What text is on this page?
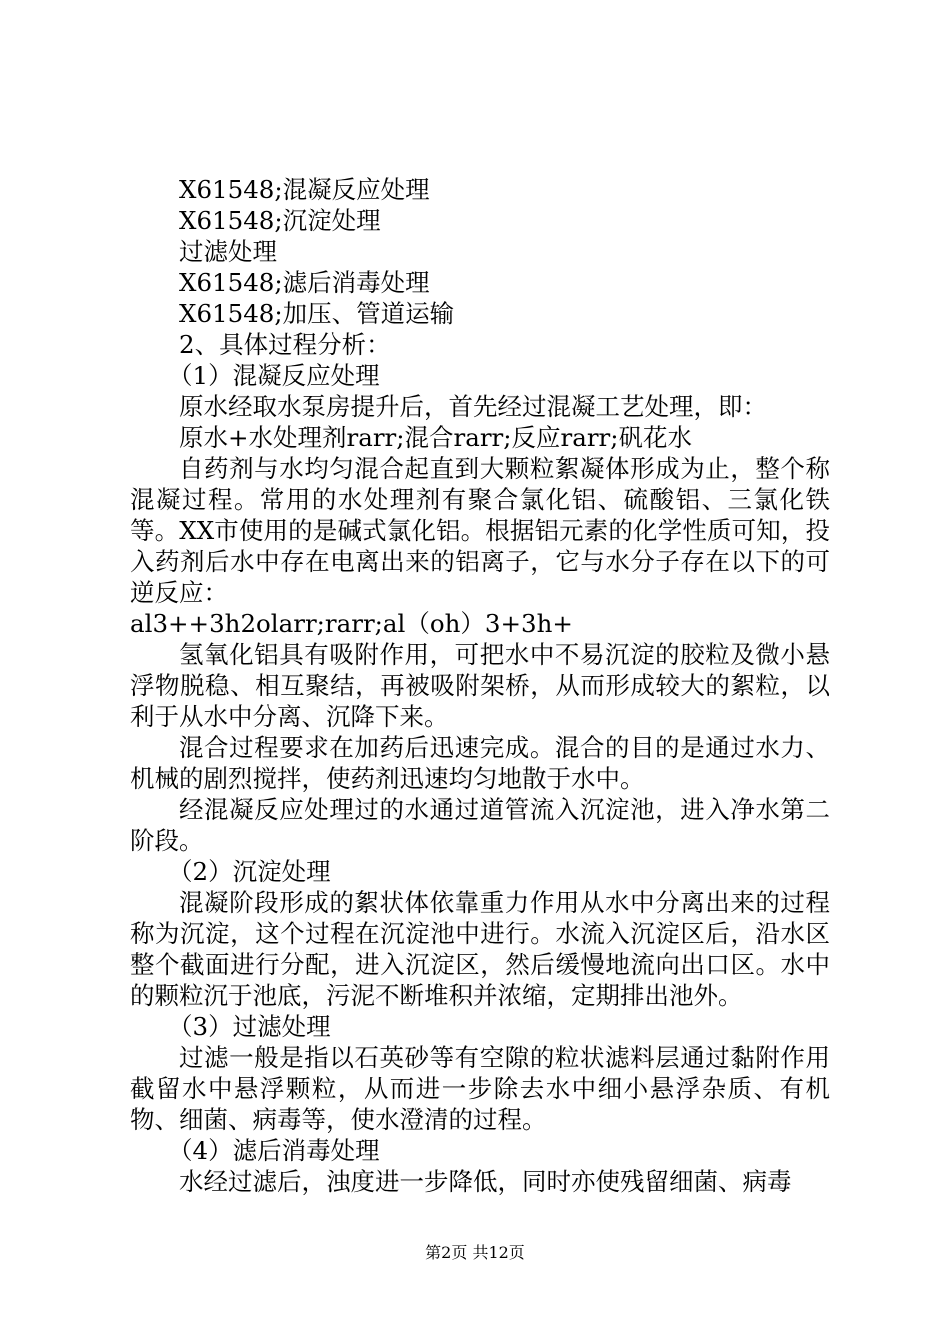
X61548;混凝反应处理
X61548;沉淀处理
过滤处理
X61548;滤后消毒处理
X61548;加压、管道运输
2、具体过程分析：
（1）混凝反应处理
原水经取水泵房提升后，首先经过混凝工艺处理，即：
原水+水处理剂rarr;混合rarr;反应rarr;矾花水
自药剂与水均匀混合起直到大颗粒絮凝体形成为止，整个称混凝过程。常用的水处理剂有聚合氯化铝、硫酸铝、三氯化铁等。XX市使用的是碱式氯化铝。根据铝元素的化学性质可知，投入药剂后水中存在电离出来的铝离子，它与水分子存在以下的可逆反应：
al3++3h2olarr;rarr;al（oh）3+3h+
氢氧化铝具有吸附作用，可把水中不易沉淀的胶粒及微小悬浮物脱稳、相互聚结，再被吸附架桥，从而形成较大的絮粒，以利于从水中分离、沉降下来。
混合过程要求在加药后迅速完成。混合的目的是通过水力、机械的剧烈搅拌，使药剂迅速均匀地散于水中。
经混凝反应处理过的水通过道管流入沉淀池，进入净水第二阶段。
（2）沉淀处理
混凝阶段形成的絮状体依靠重力作用从水中分离出来的过程称为沉淀，这个过程在沉淀池中进行。水流入沉淀区后，沿水区整个截面进行分配，进入沉淀区，然后缓慢地流向出口区。水中的颗粒沉于池底，污泥不断堆积并浓缩，定期排出池外。
（3）过滤处理
过滤一般是指以石英砂等有空隙的粒状滤料层通过黏附作用截留水中悬浮颗粒，从而进一步除去水中细小悬浮杂质、有机物、细菌、病毒等，使水澄清的过程。
（4）滤后消毒处理
水经过滤后，浊度进一步降低，同时亦使残留细菌、病毒
第2页 共12页
